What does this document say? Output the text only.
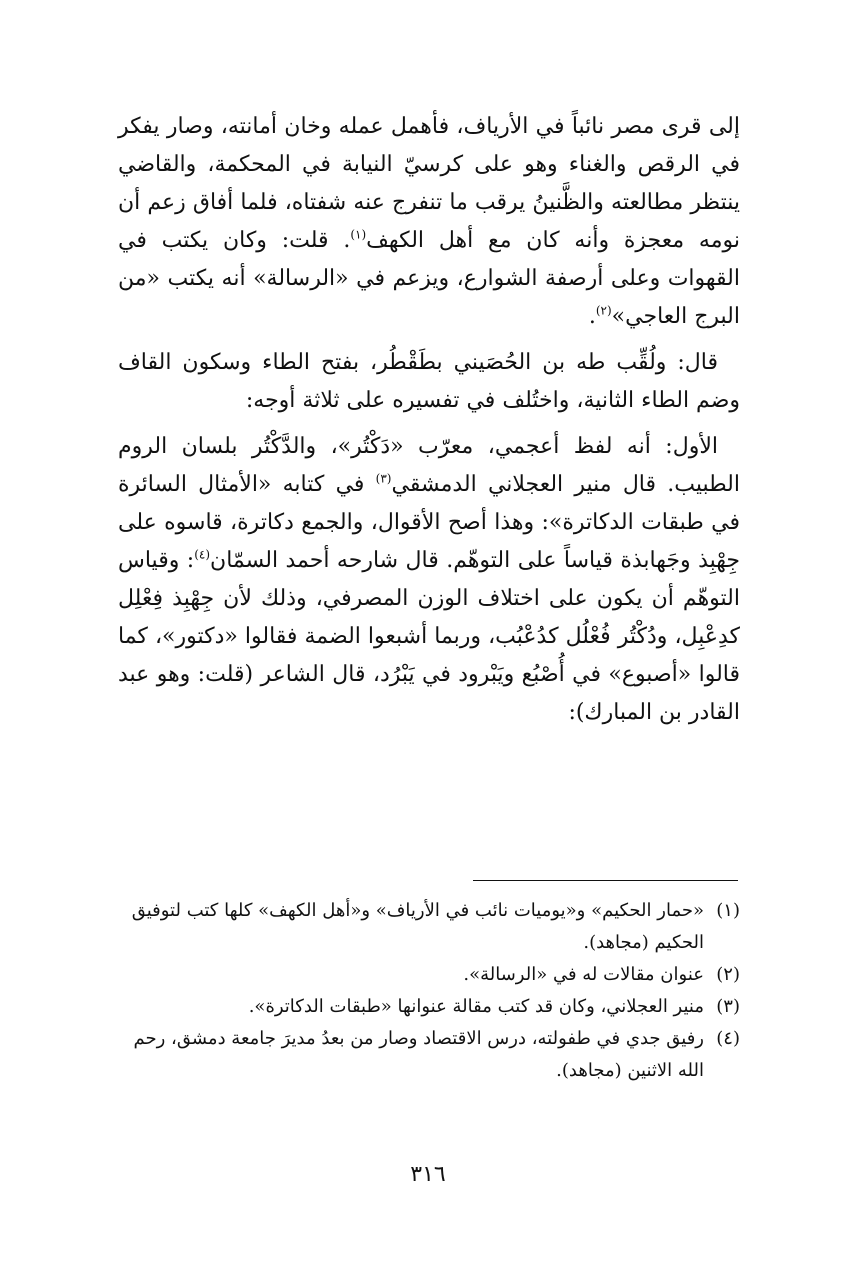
إلى قرى مصر نائباً في الأرياف، فأهمل عمله وخان أمانته، وصار يفكر في الرقص والغناء وهو على كرسيّ النيابة في المحكمة، والقاضي ينتظر مطالعته والظَّنينُ يرقب ما تنفرج عنه شفتاه، فلما أفاق زعم أن نومه معجزة وأنه كان مع أهل الكهف$^{(١)}$. قلت: وكان يكتب في القهوات وعلى أرصفة الشوارع، ويزعم في «الرسالة» أنه يكتب «من البرج العاجي»$^{(٢)}$.

قال: ولُقِّب طه بن الحُصَيني بطَقْطُر، بفتح الطاء وسكون القاف وضم الطاء الثانية، واختُلف في تفسيره على ثلاثة أوجه:

الأول: أنه لفظ أعجمي، معرّب «دَكْتُر»، والدَّكْتُر بلسان الروم الطبيب. قال منير العجلاني الدمشقي$^{(٣)}$ في كتابه «الأمثال السائرة في طبقات الدكاترة»: وهذا أصح الأقوال، والجمع دكاترة، قاسوه على جِهْبِذ وجَهابذة قياساً على التوهّم. قال شارحه أحمد السمّان$^{(٤)}$: وقياس التوهّم أن يكون على اختلاف الوزن المصرفي، وذلك لأن جِهْبِذ فِعْلِل كدِعْبِل، ودُكْتُر فُعْلُل كدُعْبُب، وربما أشبعوا الضمة فقالوا «دكتور»، كما قالوا «أصبوع» في أُصْبُع ويَبْرود في يَبْرُد، قال الشاعر (قلت: وهو عبد القادر بن المبارك):

(١)
«حمار الحكيم» و«يوميات نائب في الأرياف» و«أهل الكهف» كلها كتب لتوفيق الحكيم (مجاهد).
(٢)
عنوان مقالات له في «الرسالة».
(٣)
منير العجلاني، وكان قد كتب مقالة عنوانها «طبقات الدكاترة».
(٤)
رفيق جدي في طفولته، درس الاقتصاد وصار من بعدُ مديرَ جامعة دمشق، رحم الله الاثنين (مجاهد).
٣١٦
